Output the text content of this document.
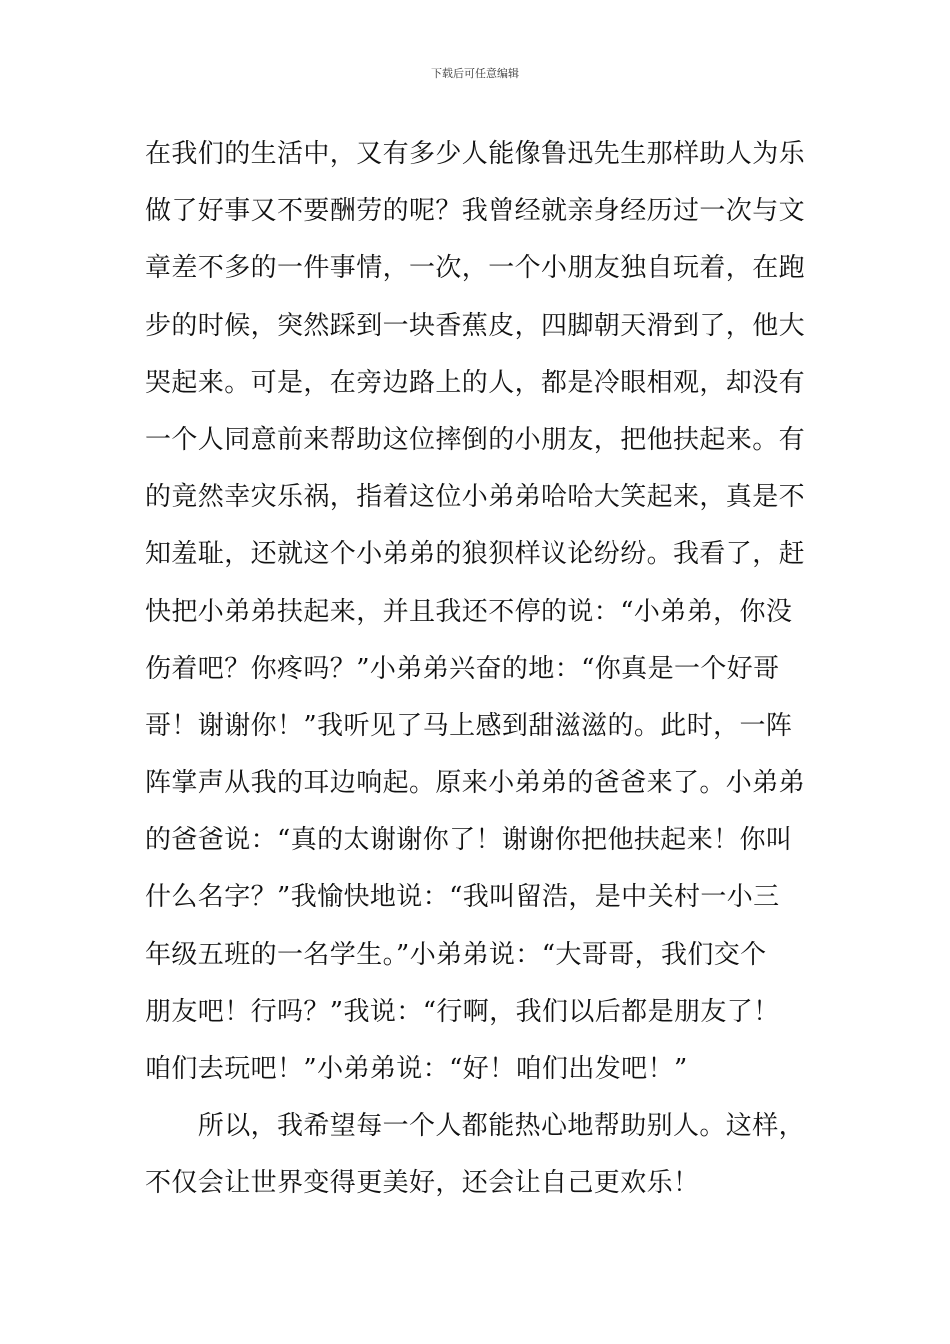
下载后可任意编辑
在我们的生活中，又有多少人能像鲁迅先生那样助人为乐
做了好事又不要酬劳的呢？我曾经就亲身经历过一次与文
章差不多的一件事情，一次，一个小朋友独自玩着，在跑
步的时候，突然踩到一块香蕉皮，四脚朝天滑到了，他大
哭起来。可是，在旁边路上的人，都是冷眼相观，却没有
一个人同意前来帮助这位摔倒的小朋友，把他扶起来。有
的竟然幸灾乐祸，指着这位小弟弟哈哈大笑起来，真是不
知羞耻，还就这个小弟弟的狼狈样议论纷纷。我看了，赶
快把小弟弟扶起来，并且我还不停的说：“小弟弟，你没
伤着吧？你疼吗？”小弟弟兴奋的地：“你真是一个好哥
哥！谢谢你！”我听见了马上感到甜滋滋的。此时，一阵
阵掌声从我的耳边响起。原来小弟弟的爸爸来了。小弟弟
的爸爸说：“真的太谢谢你了！谢谢你把他扶起来！你叫
什么名字？”我愉快地说：“我叫留浩，是中关村一小三
年级五班的一名学生。”小弟弟说：“大哥哥，我们交个
朋友吧！行吗？”我说：“行啊，我们以后都是朋友了！
咱们去玩吧！”小弟弟说：“好！咱们出发吧！”
　　所以，我希望每一个人都能热心地帮助别人。这样，
不仅会让世界变得更美好，还会让自己更欢乐！
